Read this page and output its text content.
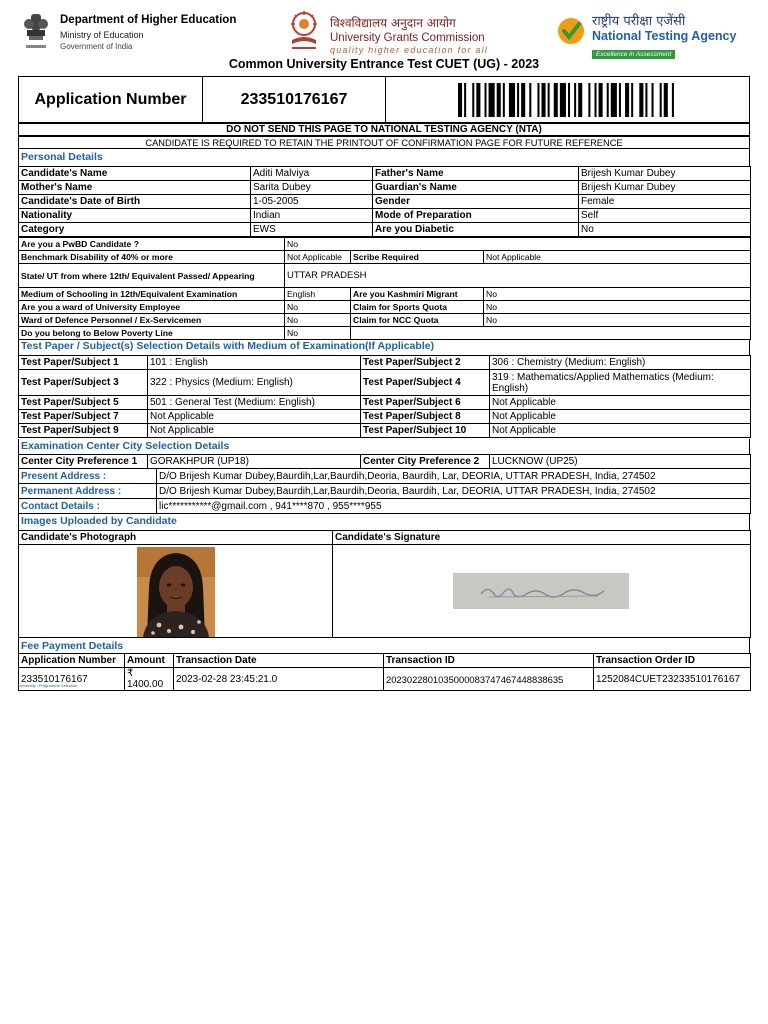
Department of Higher Education
Ministry of Education
Government of India
विश्वविद्यालय अनुदान आयोग
University Grants Commission
quality higher education for all
राष्ट्रीय परीक्षा एजेंसी
National Testing Agency
Excellence in Assessment
Common University Entrance Test CUET (UG) - 2023
Application Number	233510176167
DO NOT SEND THIS PAGE TO NATIONAL TESTING AGENCY (NTA)
CANDIDATE IS REQUIRED TO RETAIN THE PRINTOUT OF CONFIRMATION PAGE FOR FUTURE REFERENCE
Personal Details
Candidate's Name	Aditi Malviya	Father's Name	Brijesh Kumar Dubey
Mother's Name	Sarita Dubey	Guardian's Name	Brijesh Kumar Dubey
Candidate's Date of Birth	1-05-2005	Gender	Female
Nationality	Indian	Mode of Preparation	Self
Category	EWS	Are you Diabetic	No
Are you a PwBD Candidate ?	No		
Benchmark Disability of 40% or more	Not Applicable	Scribe Required	Not Applicable
State/ UT from where 12th/ Equivalent Passed/ Appearing	UTTAR PRADESH		
Medium of Schooling in 12th/Equivalent Examination	English	Are you Kashmiri Migrant	No
Are you a ward of University Employee	No	Claim for Sports Quota	No
Ward of Defence Personnel / Ex-Servicemen	No	Claim for NCC Quota	No
Do you belong to Below Poverty Line	No		
Test Paper / Subject(s) Selection Details with Medium of Examination(If Applicable)
Test Paper/Subject 1	101 : English	Test Paper/Subject 2	306 : Chemistry (Medium: English)
Test Paper/Subject 3	322 : Physics (Medium: English)	Test Paper/Subject 4	319 : Mathematics/Applied Mathematics (Medium: English)
Test Paper/Subject 5	501 : General Test (Medium: English)	Test Paper/Subject 6	Not Applicable
Test Paper/Subject 7	Not Applicable	Test Paper/Subject 8	Not Applicable
Test Paper/Subject 9	Not Applicable	Test Paper/Subject 10	Not Applicable
Examination Center City Selection Details
Center City Preference 1	GORAKHPUR (UP18)	Center City Preference 2	LUCKNOW (UP25)
Present Address :	D/O Brijesh Kumar Dubey,Baurdih,Lar,Baurdih,Deoria, Baurdih, Lar, DEORIA, UTTAR PRADESH, India, 274502
Permanent Address :	D/O Brijesh Kumar Dubey,Baurdih,Lar,Baurdih,Deoria, Baurdih, Lar, DEORIA, UTTAR PRADESH, India, 274502
Contact Details :	lic***********@gmail.com , 941****870 , 955****955
Images Uploaded by Candidate
Candidate's Photograph	Candidate's Signature

Fee Payment Details
Application Number	Amount	Transaction Date	Transaction ID	Transaction Order ID
233510176167	₹ 1400.00	2023-02-28 23:45:21.0	2023022801035000083747467448838635	1252084CUET23233510176167
University : Programme Selection
